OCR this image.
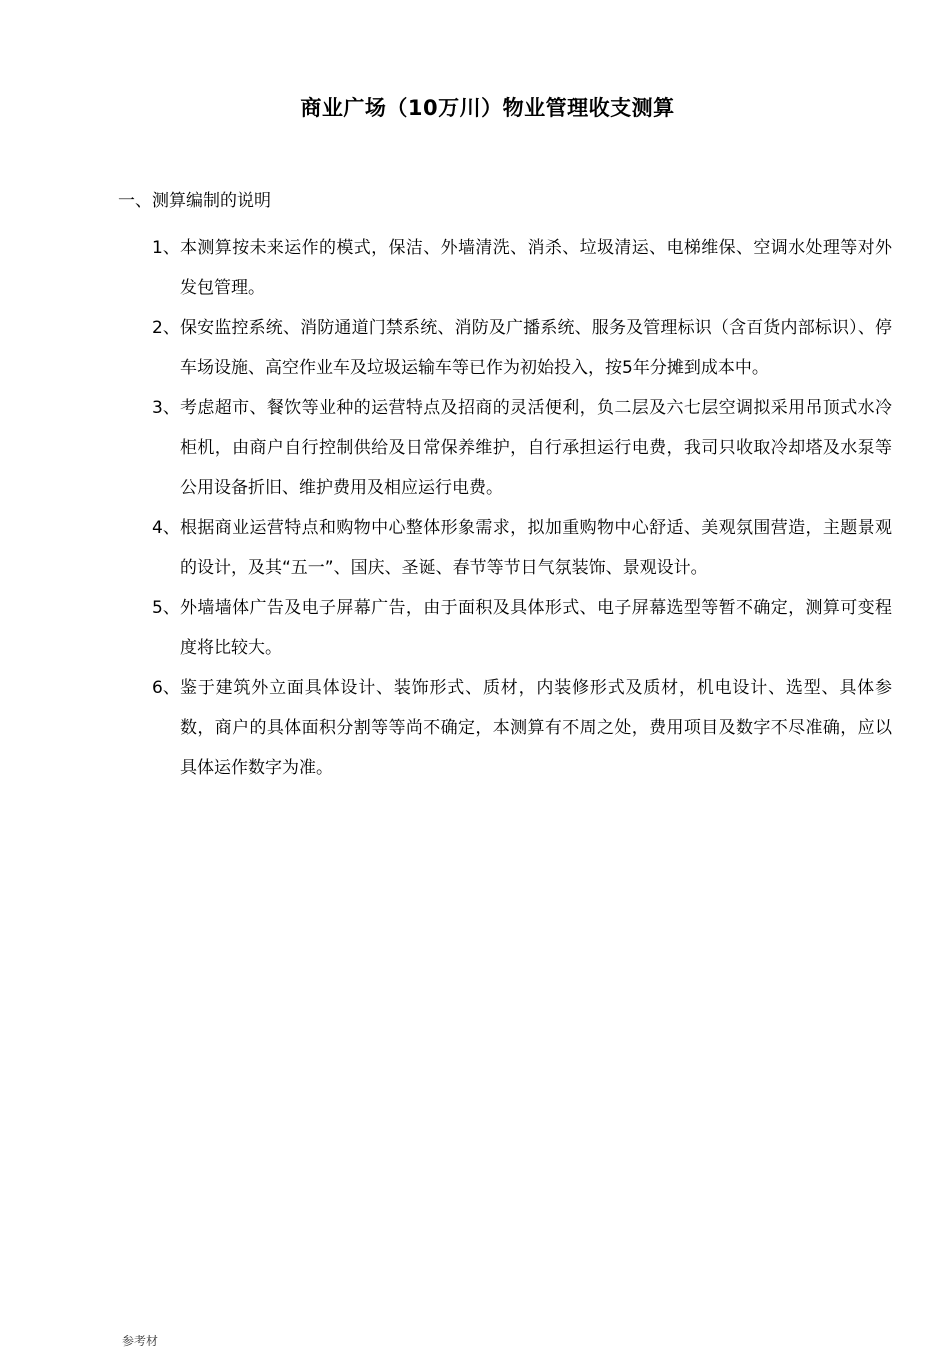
商业广场（10万川）物业管理收支测算
一、测算编制的说明
1、 本测算按未来运作的模式，保洁、外墙清洗、消杀、垃圾清运、电梯维保、空调水处理等对外发包管理。
2、 保安监控系统、消防通道门禁系统、消防及广播系统、服务及管理标识（含百货内部标识）、停车场设施、高空作业车及垃圾运输车等已作为初始投入，按5年分摊到成本中。
3、 考虑超市、餐饮等业种的运营特点及招商的灵活便利，负二层及六七层空调拟采用吊顶式水冷柜机，由商户自行控制供给及日常保养维护，自行承担运行电费，我司只收取冷却塔及水泵等公用设备折旧、维护费用及相应运行电费。
4、 根据商业运营特点和购物中心整体形象需求，拟加重购物中心舒适、美观氛围营造，主题景观的设计，及其“五一”、国庆、圣诞、春节等节日气氛装饰、景观设计。
5、 外墙墙体广告及电子屏幕广告，由于面积及具体形式、电子屏幕选型等暂不确定，测算可变程度将比较大。
6、 鉴于建筑外立面具体设计、装饰形式、质材，内装修形式及质材，机电设计、选型、具体参数，商户的具体面积分割等等尚不确定，本测算有不周之处，费用项目及数字不尽准确，应以具体运作数字为准。
参考材
